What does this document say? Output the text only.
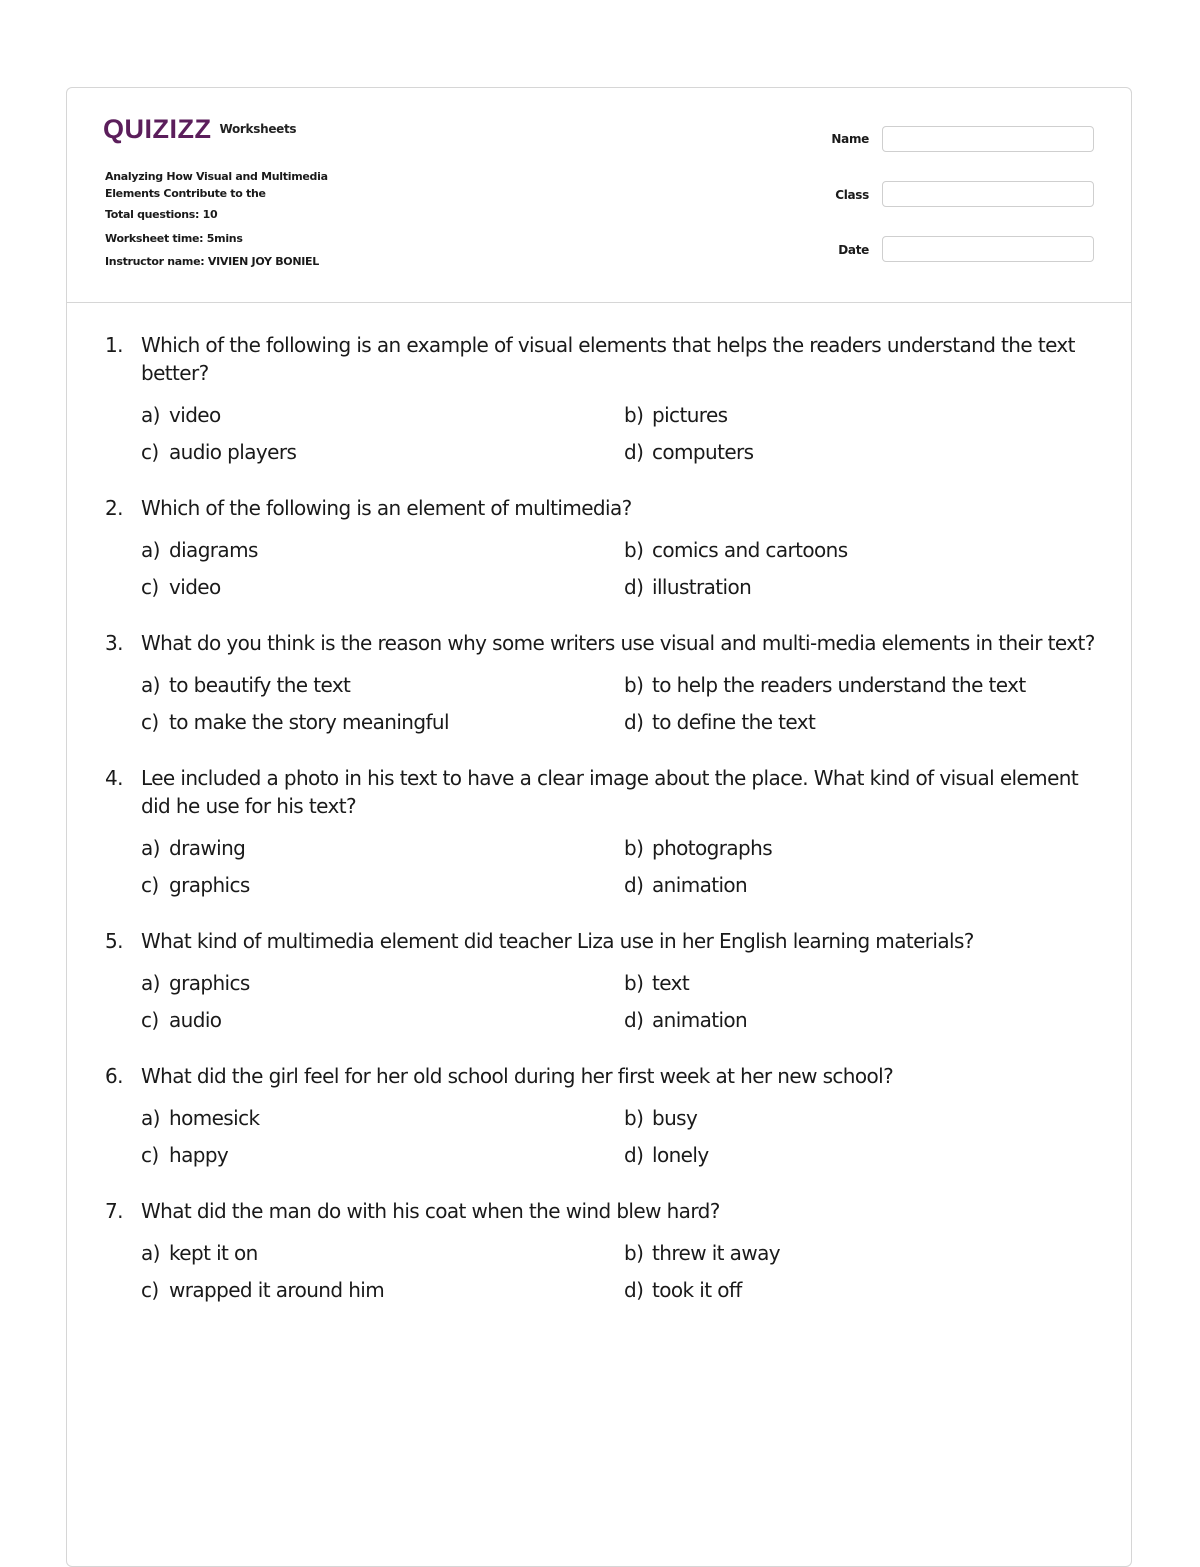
QUIZIZZ Worksheets
Analyzing How Visual and Multimedia Elements Contribute to the
Total questions: 10
Worksheet time: 5mins
Instructor name: VIVIEN JOY BONIEL
Name
Class
Date
1. Which of the following is an example of visual elements that helps the readers understand the text better?
a) video	b) pictures
c) audio players	d) computers
2. Which of the following is an element of multimedia?
a) diagrams	b) comics and cartoons
c) video	d) illustration
3. What do you think is the reason why some writers use visual and multi-media elements in their text?
a) to beautify the text	b) to help the readers understand the text
c) to make the story meaningful	d) to define the text
4. Lee included a photo in his text to have a clear image about the place. What kind of visual element did he use for his text?
a) drawing	b) photographs
c) graphics	d) animation
5. What kind of multimedia element did teacher Liza use in her English learning materials?
a) graphics	b) text
c) audio	d) animation
6. What did the girl feel for her old school during her first week at her new school?
a) homesick	b) busy
c) happy	d) lonely
7. What did the man do with his coat when the wind blew hard?
a) kept it on	b) threw it away
c) wrapped it around him	d) took it off
